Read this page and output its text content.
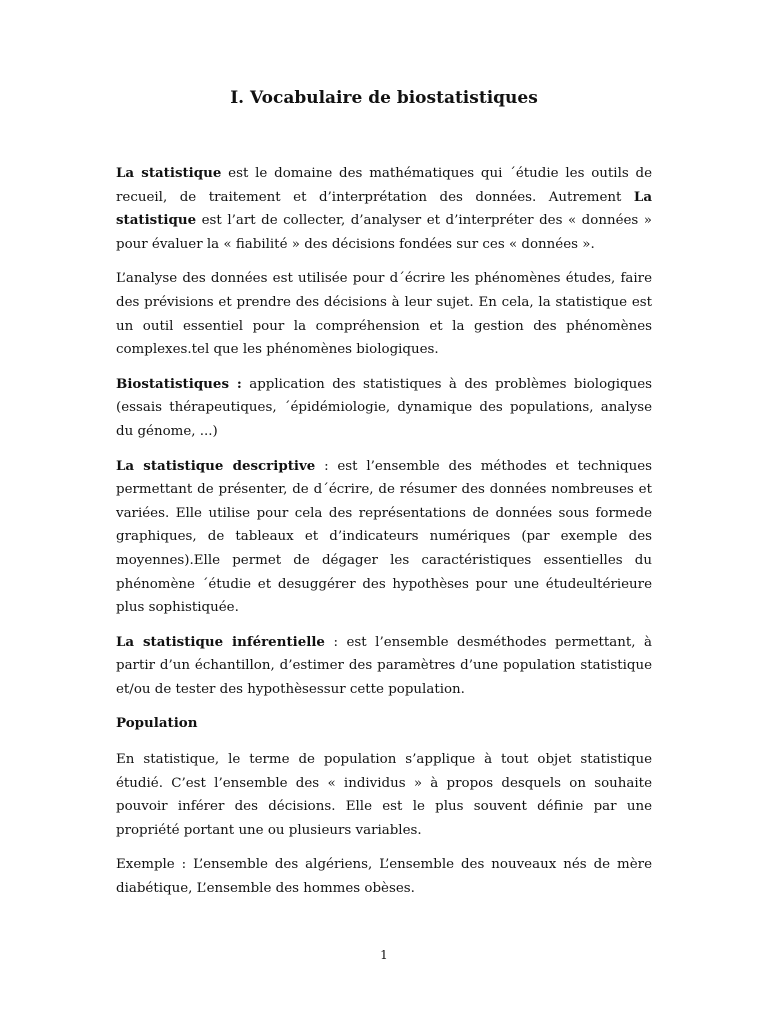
I. Vocabulaire de biostatistiques

La statistique est le domaine des mathématiques qui ´étudie les outils de recueil, de traitement et d’interprétation des données. Autrement La statistique est l’art de collecter, d’analyser et d’interpréter des « données » pour évaluer la « fiabilité » des décisions fondées sur ces « données ».

L’analyse des données est utilisée pour d´écrire les phénomènes études, faire des prévisions et prendre des décisions à leur sujet. En cela, la statistique est un outil essentiel pour la compréhension et la gestion des phénomènes complexes.tel que les phénomènes biologiques.

Biostatistiques : application des statistiques à des problèmes biologiques (essais thérapeutiques, ´épidémiologie, dynamique des populations, analyse du génome, ...)

La statistique descriptive : est l’ensemble des méthodes et techniques permettant de présenter, de d´écrire, de résumer des données nombreuses et variées. Elle utilise pour cela des représentations de données sous formede graphiques, de tableaux et d’indicateurs numériques (par exemple des moyennes).Elle permet de dégager les caractéristiques essentielles du phénomène ´étudie et desuggérer des hypothèses pour une étudeultérieure plus sophistiquée.

La statistique inférentielle : est l’ensemble desméthodes permettant, à partir d’un échantillon, d’estimer des paramètres d’une population statistique et/ou de tester des hypothèsessur cette population.

Population

En statistique, le terme de population s’applique à tout objet statistique étudié. C’est l’ensemble des « individus » à propos desquels on souhaite pouvoir inférer des décisions. Elle est le plus souvent définie par une propriété portant une ou plusieurs variables.

Exemple : L’ensemble des algériens, L’ensemble des nouveaux nés de mère diabétique, L’ensemble des hommes obèses.

1
